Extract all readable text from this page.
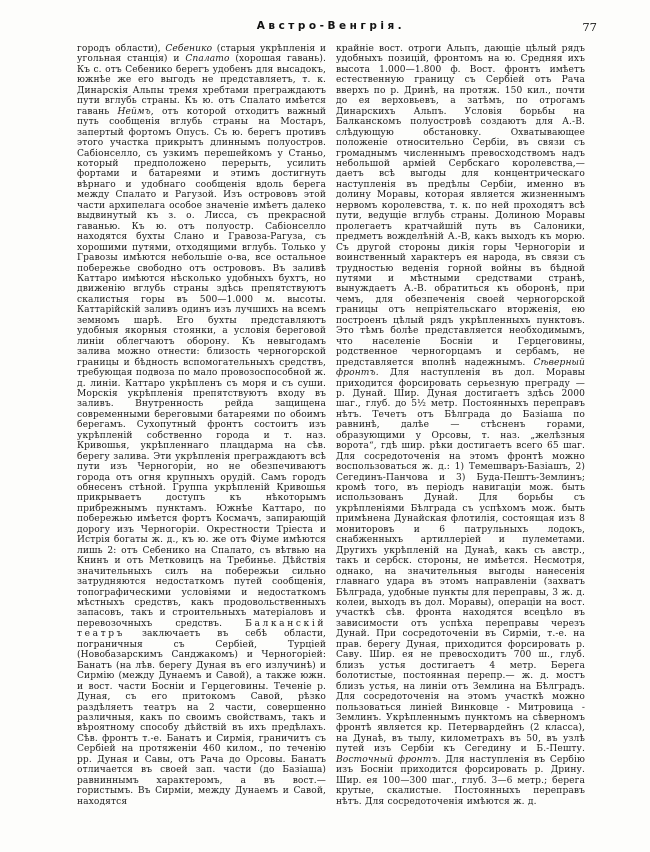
Австро-Венгрія.	77
городъ области), Себенико (старыя укрѣпленія и угольная станція) и Спалато (хорошая гавань). Къ с. отъ Себенико берегъ удобенъ для высадокъ, южнѣе же его выгодъ не представляетъ, т. к. Динарскія Альпы тремя хребтами преграждаютъ пути вглубь страны. Къ ю. отъ Спалато имѣется гавань Неймъ, отъ которой отходитъ важный путь сообщенія вглубь страны на Мостаръ, запертый фортомъ Опусъ. Съ ю. берегъ противъ этого участка прикрытъ длиннымъ полуостров. Сабіонселло, съ узкимъ перешейкомъ у Станьо, который предположено перерыть, усилить фортами и батареями и этимъ достигнуть вѣрнаго и удобнаго сообщенія вдоль берега между Спалато и Рагузой. Изъ острововъ этой части архипелага особое значеніе имѣетъ далеко выдвинутый къ з. о. Лисса, съ прекрасной гаванью. Къ ю. отъ полуостр. Сабіонселло находятся бухты Слано и Гравоза-Рагуза, съ хорошими путями, отходящими вглубь. Только у Гравозы имѣются небольшіе о-ва, все остальное побережье свободно отъ острововъ. Въ заливѣ Каттаро имѣются нѣсколько удобныхъ бухтъ, но движенію вглубь страны здѣсь препятствуютъ скалистыя горы въ 500—1.000 м. высоты. Каттарійскій заливъ одинъ изъ лучшихъ на всемъ земномъ шарѣ. Его бухты представляютъ удобныя якорныя стоянки, а условія береговой линіи облегчаютъ оборону. Къ невыгодамъ залива можно отнести: близость черногорской границы и бѣдность вспомогательныхъ средствъ, требующая подвоза по мало провозоспособной ж. д. линіи. Каттаро укрѣпленъ съ моря и съ суши. Морскія укрѣпленія препятствуютъ входу въ заливъ. Внутренность рейда защищена современными береговыми батареями по обоимъ берегамъ. Сухопутный фронтъ состоитъ изъ укрѣпленій собственно города и т. наз. Кривошья, укрѣпленнаго плацдарма на сѣв. берегу залива. Эти укрѣпленія преграждаютъ всѣ пути изъ Черногоріи, но не обезпечиваютъ города отъ огня крупныхъ орудій. Самъ городъ обнесенъ стѣной. Группа укрѣпленій Кривошья прикрываетъ доступъ къ нѣкоторымъ прибрежнымъ пунктамъ. Южнѣе Каттаро, по побережью имѣется фортъ Космачъ, запирающій дорогу изъ Черногоріи. Окрестности Тріеста и Истрія богаты ж. д., къ ю. же отъ Фіуме имѣются лишь 2: отъ Себенико на Спалато, съ вѣтвью на Книнъ и отъ Метковицъ на Требинье. Дѣйствія значительныхъ силъ на побережьи сильно затрудняются недостаткомъ путей сообщенія, топографическими условіями и недостаткомъ мѣстныхъ средствъ, какъ продовольственныхъ запасовъ, такъ и строительныхъ матеріаловъ и перевозочныхъ средствъ. Балканскій театръ заключаетъ въ себѣ области, пограничныя съ Сербіей, Турціей (Новобазарскимъ Санджакомъ) и Черногоріей: Банатъ (на лѣв. берегу Дуная въ его излучинѣ) и Сирмію (между Дунаемъ и Савой), а также южн. и вост. части Босніи и Герцеговины. Теченіе р. Дуная, съ его притокомъ Савой, рѣзко раздѣляетъ театръ на 2 части, совершенно различныя, какъ по своимъ свойствамъ, такъ и вѣроятному способу дѣйствій въ ихъ предѣлахъ. Сѣв. фронтъ т.-е. Банатъ и Сирмія, граничитъ съ Сербіей на протяженіи 460 килом., по теченію рр. Дуная и Савы, отъ Рача до Орсовы. Банатъ отличается въ своей зап. части (до Базіаша) равниннымъ характеромъ, а въ вост.— гористымъ. Въ Сирміи, между Дунаемъ и Савой, находятся
крайніе вост. отроги Альпъ, дающіе цѣлый рядъ удобныхъ позицій, фронтомъ на ю. Средняя ихъ высота 1.000—1.800 ф. Вост. фронтъ имѣетъ естественную границу съ Сербіей отъ Рача вверхъ по р. Дринѣ, на протяж. 150 кил., почти до ея верховьевъ, а затѣмъ, по отрогамъ Динарскихъ Альпъ. Условія борьбы на Балканскомъ полуостровѣ создаютъ для А.-В. слѣдующую обстановку. Охватывающее положеніе относительно Сербіи, въ связи съ громаднымъ численнымъ превосходствомъ надъ небольшой арміей Сербскаго королевства,— даетъ всѣ выгоды для концентрическаго наступленія въ предѣлы Сербіи, именно въ долину Моравы, которая является жизненнымъ нервомъ королевства, т. к. по ней проходятъ всѣ пути, ведущіе вглубь страны. Долиною Моравы пролегаетъ кратчайшій путь въ Салоники, предметъ вожделѣній А.-В, какъ выходъ къ морю. Съ другой стороны дикія горы Черногоріи и воинственный характеръ ея народа, въ связи съ трудностью веденія горной войны въ бѣдной путями и мѣстными средствами странѣ, вынуждаетъ А.-В. обратиться къ оборонѣ, при чемъ, для обезпеченія своей черногорской границы отъ непріятельскаго вторженія, ею построенъ цѣлый рядъ укрѣпленныхъ пунктовъ. Это тѣмъ болѣе представляется необходимымъ, что населеніе Босніи и Герцеговины, родственное черногорцамъ и сербамъ, не представляется вполнѣ надежнымъ. Сѣверный фронтъ. Для наступленія въ дол. Моравы приходится форсировать серьезную преграду — р. Дунай. Шир. Дуная достигаетъ здѣсь 2000 шаг., глуб. до 5½ метр. Постоянныхъ переправъ нѣтъ. Течетъ отъ Бѣлграда до Базіаша по равнинѣ, далѣе — стѣсненъ горами, образующими у Орсовы, т. наз. „желѣзныя ворота“, гдѣ шир. рѣки достигаетъ всего 65 шаг. Для сосредоточенія на этомъ фронтѣ можно воспользоваться ж. д.: 1) Темешваръ-Базіашъ, 2) Сегединъ-Панчова и 3) Буда-Пештъ-Землинъ; кромѣ того, въ періодъ навигаціи мож. быть использованъ Дунай. Для борьбы съ укрѣпленіями Бѣлграда съ успѣхомъ мож. быть примѣнена Дунайская флотилія, состоящая изъ 8 мониторовъ и 6 патрульныхъ лодокъ, снабженныхъ артиллеріей и пулеметами. Другихъ укрѣпленій на Дунаѣ, какъ съ австр., такъ и сербск. стороны, не имѣется. Несмотря, однако, на значительныя выгоды нанесенія главнаго удара въ этомъ направленіи (захватъ Бѣлграда, удобные пункты для переправы, 3 ж. д. колеи, выходъ въ дол. Моравы), операціи на вост. участкѣ сѣв. фронта находятся всецѣло въ зависимости отъ успѣха переправы черезъ Дунай. При сосредоточеніи въ Сирміи, т.-е. на прав. берегу Дуная, приходится форсировать р. Саву. Шир. ея не превосходитъ 700 ш., глуб. близъ устья достигаетъ 4 метр. Берега болотистые, постоянная перепр.— ж. д. мостъ близъ устья, на линіи отъ Землина на Бѣлградъ. Для сосредоточенія на этомъ участкѣ можно пользоваться линіей Винковце - Митровица - Землинъ. Укрѣпленнымъ пунктомъ на сѣверномъ фронтѣ является кр. Петервардейнъ (2 класса), на Дунаѣ, въ тылу, километрахъ въ 50, въ узлѣ путей изъ Сербіи къ Сегедину и Б.-Пешту. Восточный фронтъ. Для наступленія въ Сербію изъ Босніи приходится форсировать р. Дрину. Шир. ея 100—300 шаг., глуб. 3—6 метр.; берега крутые, скалистые. Постоянныхъ переправъ нѣтъ. Для сосредоточенія имѣются ж. д.
